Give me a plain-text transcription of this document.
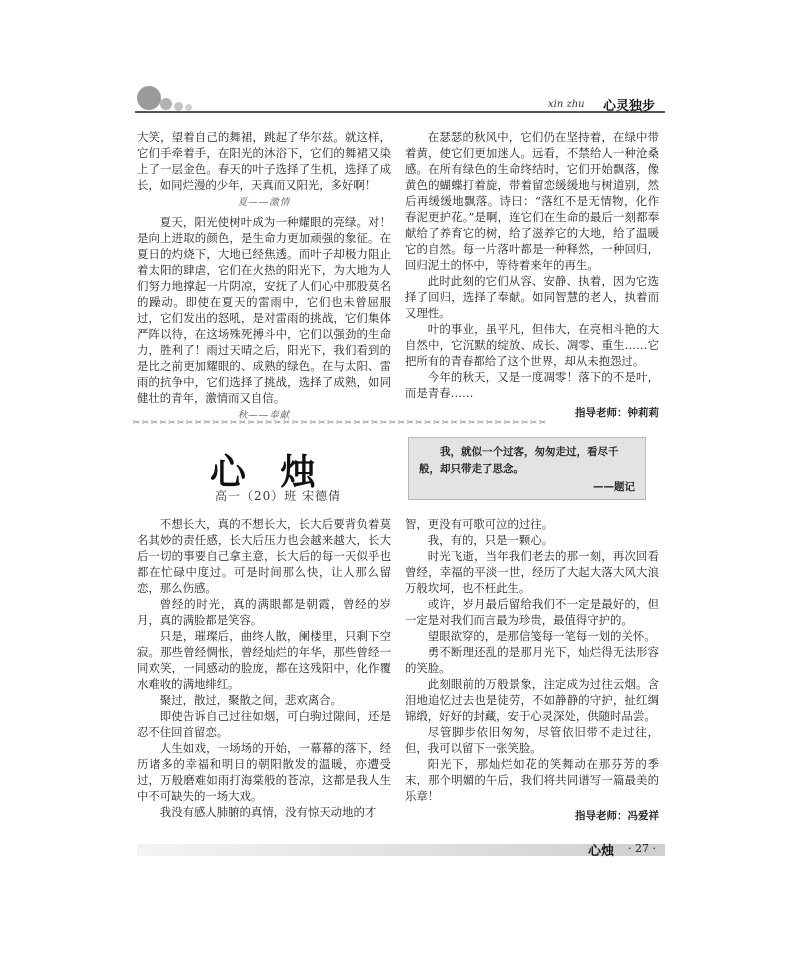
xin zhu 心灵独步

大笑，望着自己的舞裙，跳起了华尔兹。就这样，它们手牵着手，在阳光的沐浴下，它们的舞裙又染上了一层金色。春天的叶子选择了生机，选择了成长，如同烂漫的少年，天真而又阳光，多好啊！

夏——激情

夏天，阳光使树叶成为一种耀眼的亮绿。对！是向上进取的颜色，是生命力更加顽强的象征。在夏日的灼烧下，大地已经焦透。而叶子却极力阻止着太阳的肆虐，它们在火热的阳光下，为大地为人们努力地撑起一片阴凉，安抚了人们心中那股莫名的躁动。即使在夏天的雷雨中，它们也未曾屈服过，它们发出的怒吼，是对雷雨的挑战，它们集体严阵以待，在这场殊死搏斗中，它们以强劲的生命力，胜利了！雨过天晴之后，阳光下，我们看到的是比之前更加耀眼的、成熟的绿色。在与太阳、雷雨的抗争中，它们选择了挑战，选择了成熟，如同健壮的青年，激情而又自信。

秋——奉献

在瑟瑟的秋风中，它们仍在坚持着，在绿中带着黄，使它们更加迷人。远看，不禁给人一种沧桑感。在所有绿色的生命终结时，它们开始飘落，像黄色的蝴蝶打着旋，带着留恋缓缓地与树道别，然后再缓缓地飘落。诗曰：“落红不是无情物，化作春泥更护花。”是啊，连它们在生命的最后一刻都奉献给了养育它的树，给了滋养它的大地，给了温暖它的自然。每一片落叶都是一种释然，一种回归，回归泥土的怀中，等待着来年的再生。

此时此刻的它们从容、安静、执着，因为它选择了回归，选择了奉献。如同智慧的老人，执着而又理性。

叶的事业，虽平凡，但伟大，在亮相斗艳的大自然中，它沉默的绽放、成长、凋零、重生……它把所有的青春都给了这个世界，却从未抱怨过。

今年的秋天，又是一度凋零！落下的不是叶，而是青春……

指导老师：钟莉莉
✂ ✂ ✂ ✂ ✂ ✂ ✂ ✂ ✂ ✂ ✂ ✂ ✂ ✂ ✂ ✂ ✂ ✂ ✂ ✂ ✂ ✂ ✂ ✂ ✂ ✂ ✂ ✂ ✂ ✂ ✂ ✂ ✂ ✂ ✂ ✂ ✂ ✂ ✂ ✂ ✂ ✂ ✂ ✂ ✂ ✂ ✂
心烛
高一（20）班 宋德倩
我，就似一个过客，匆匆走过，看尽千般，却只带走了思念。
——题记

不想长大，真的不想长大，长大后要背负着莫名其妙的责任感，长大后压力也会越来越大，长大后一切的事要自己拿主意，长大后的每一天似乎也都在忙碌中度过。可是时间那么快，让人那么留恋，那么伤感。

曾经的时光，真的满眼都是朝霞，曾经的岁月，真的满脸都是笑容。

只是，璀璨后，曲终人散，阑楼里，只剩下空寂。那些曾经惆怅，曾经灿烂的年华，那些曾经一同欢笑，一同感动的脸庞，都在这残阳中，化作覆水难收的满地绯红。

聚过，散过，聚散之间，悲欢离合。

即使告诉自己过往如烟，可白驹过隙间，还是忍不住回首留恋。

人生如戏，一场场的开始，一幕幕的落下，经历诸多的幸福和明日的朝阳散发的温暖，亦遭受过，万般磨难如雨打海棠般的苍凉，这都是我人生中不可缺失的一场大戏。

我没有感人肺腑的真情，没有惊天动地的才

智，更没有可歌可泣的过往。

我，有的，只是一颗心。

时光飞逝，当年我们老去的那一刻，再次回看曾经，幸福的平淡一世，经历了大起大落大风大浪万般坎坷，也不枉此生。

或许，岁月最后留给我们不一定是最好的，但一定是对我们而言最为珍贵，最值得守护的。

望眼欲穿的，是那信笺每一笔每一划的关怀。

勇不断理还乱的是那月光下，灿烂得无法形容的笑脸。

此刻眼前的万般景象，注定成为过往云烟。含泪地追忆过去也是徒劳，不如静静的守护，扯红绸锦缎，好好的封藏，安于心灵深处，供随时品尝。

尽管脚步依旧匆匆，尽管依旧带不走过往，但，我可以留下一张笑脸。

阳光下，那灿烂如花的笑舞动在那芬芳的季末，那个明媚的午后，我们将共同谱写一篇最美的乐章！

指导老师：冯爱祥
心烛 · 27 ·
